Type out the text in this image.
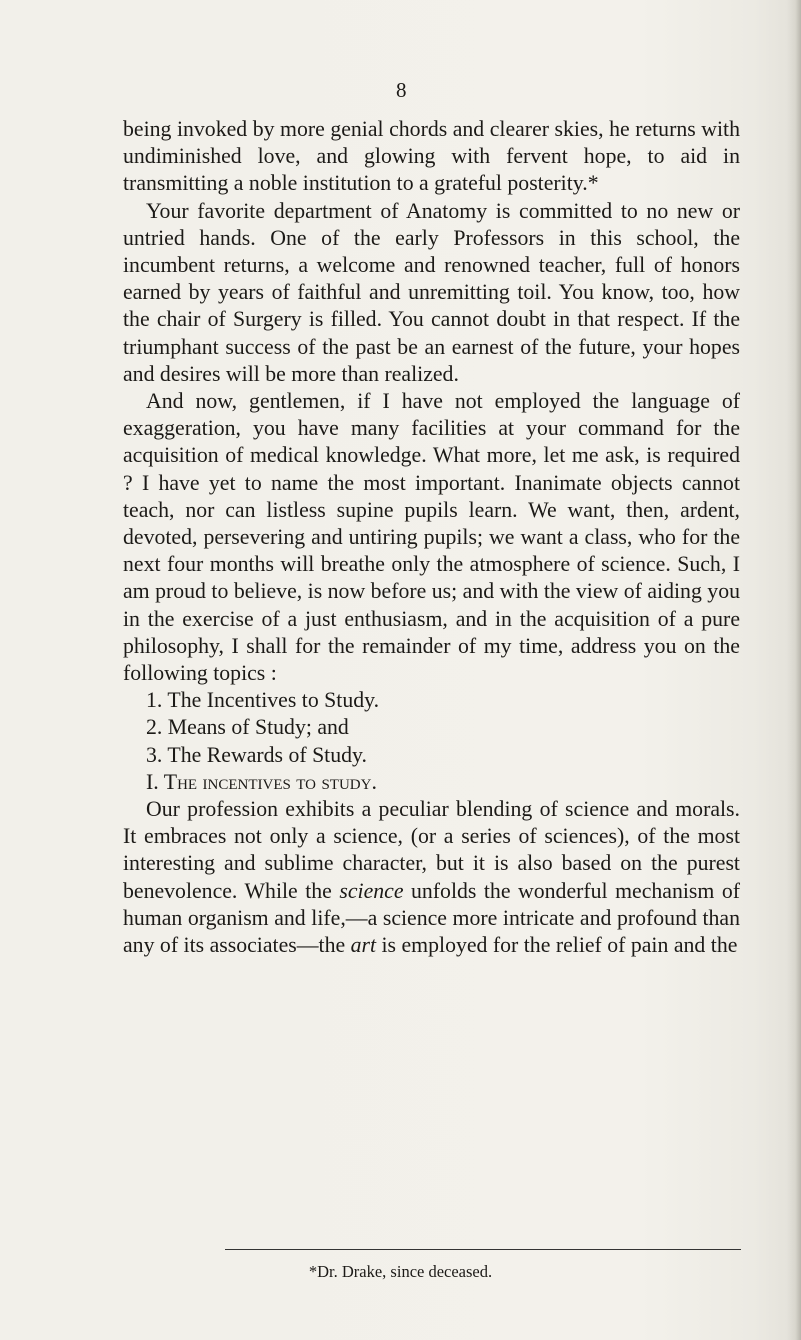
8

being invoked by more genial chords and clearer skies, he returns with undiminished love, and glowing with fervent hope, to aid in transmitting a noble institution to a grateful posterity.*

Your favorite department of Anatomy is committed to no new or untried hands. One of the early Professors in this school, the incumbent returns, a welcome and renowned teacher, full of honors earned by years of faithful and unremitting toil. You know, too, how the chair of Surgery is filled. You cannot doubt in that respect. If the triumphant success of the past be an earnest of the future, your hopes and desires will be more than realized.

And now, gentlemen, if I have not employed the language of exaggeration, you have many facilities at your command for the acquisition of medical knowledge. What more, let me ask, is required ? I have yet to name the most important. Inanimate objects cannot teach, nor can listless supine pupils learn. We want, then, ardent, devoted, persevering and untiring pupils; we want a class, who for the next four months will breathe only the atmosphere of science. Such, I am proud to believe, is now before us; and with the view of aiding you in the exercise of a just enthusiasm, and in the acquisition of a pure philosophy, I shall for the remainder of my time, address you on the following topics :

1. The Incentives to Study.

2. Means of Study; and

3. The Rewards of Study.

I. The incentives to study.

Our profession exhibits a peculiar blending of science and morals. It embraces not only a science, (or a series of sciences), of the most interesting and sublime character, but it is also based on the purest benevolence. While the science unfolds the wonderful mechanism of human organism and life,—a science more intricate and profound than any of its associates—the art is employed for the relief of pain and the

*Dr. Drake, since deceased.
